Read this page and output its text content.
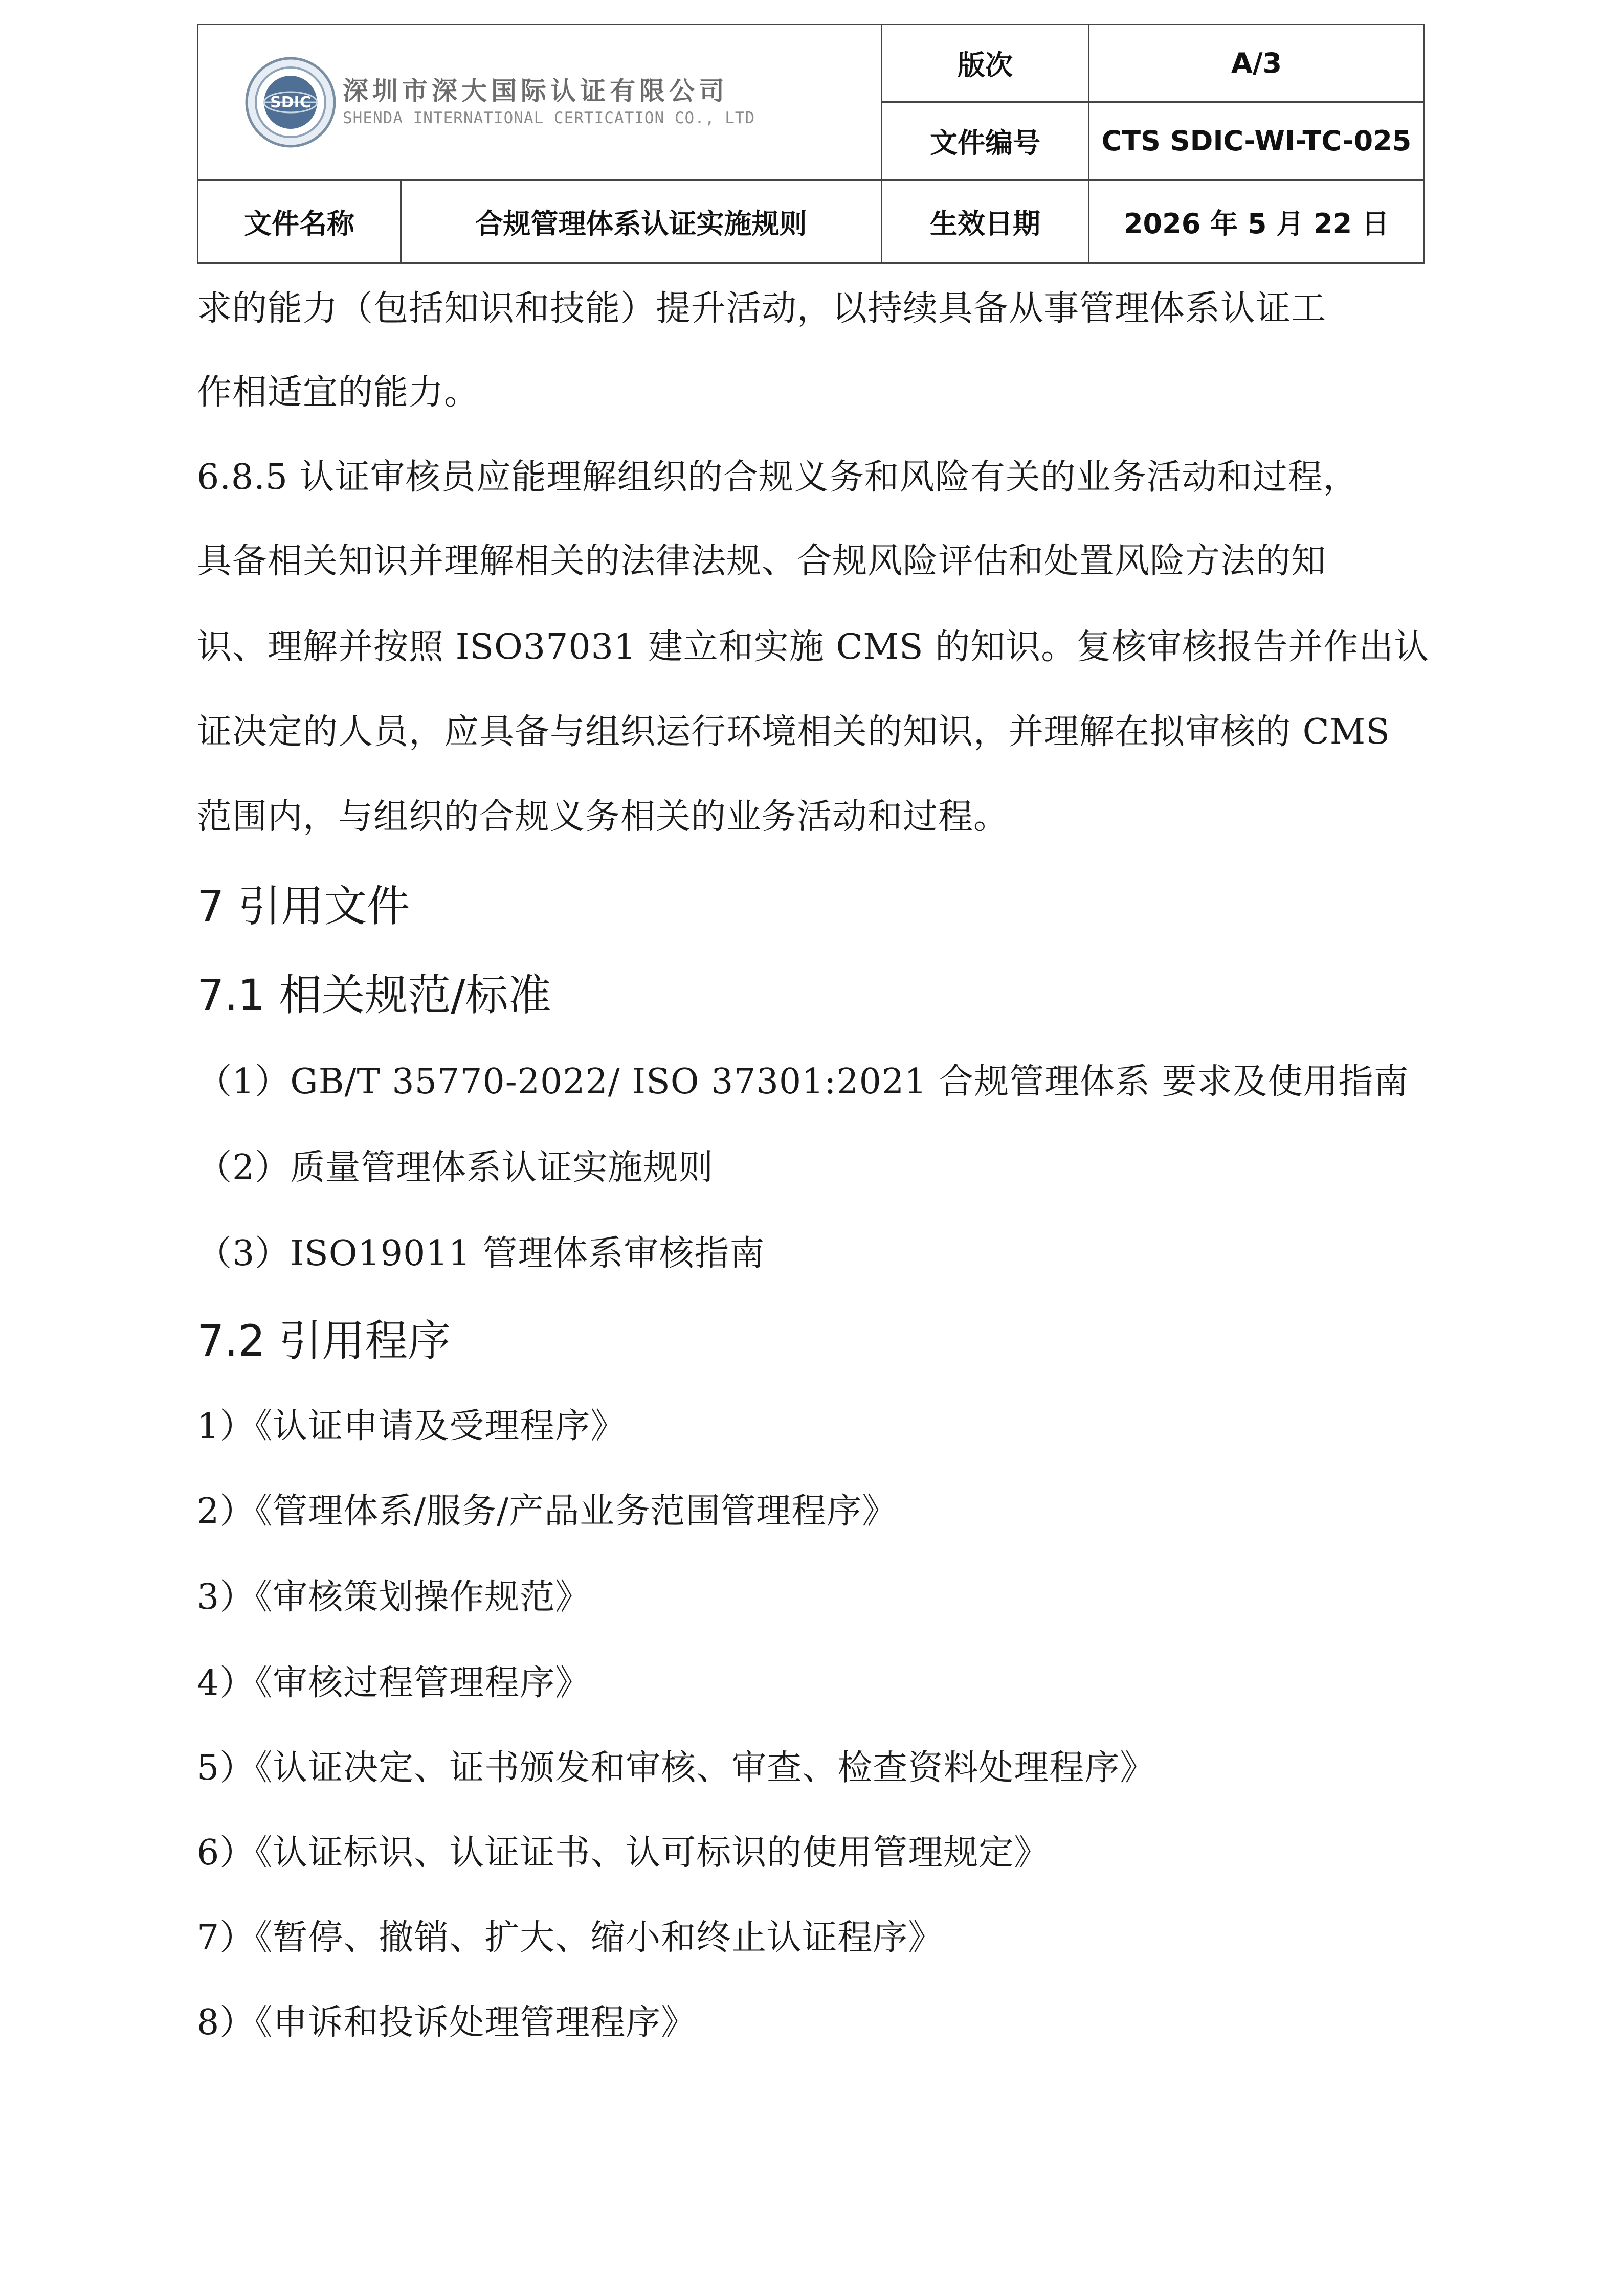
SDIC 深圳市深大国际认证有限公司
SHENDA INTERNATIONAL CERTICATION CO., LTD		版次	A/3
		文件编号	CTS SDIC-WI-TC-025
文件名称	合规管理体系认证实施规则	生效日期	2026 年 5 月 22 日
求的能力（包括知识和技能）提升活动，以持续具备从事管理体系认证工
作相适宜的能力。
6.8.5 认证审核员应能理解组织的合规义务和风险有关的业务活动和过程，
具备相关知识并理解相关的法律法规、合规风险评估和处置风险方法的知
识、理解并按照 ISO37031 建立和实施 CMS 的知识。复核审核报告并作出认
证决定的人员，应具备与组织运行环境相关的知识，并理解在拟审核的 CMS
范围内，与组织的合规义务相关的业务活动和过程。
7 引用文件
7.1 相关规范/标准
（1）GB/T 35770-2022/ ISO 37301:2021 合规管理体系 要求及使用指南
（2）质量管理体系认证实施规则
（3）ISO19011 管理体系审核指南
7.2 引用程序
1）《认证申请及受理程序》
2）《管理体系/服务/产品业务范围管理程序》
3）《审核策划操作规范》
4）《审核过程管理程序》
5）《认证决定、证书颁发和审核、审查、检查资料处理程序》
6）《认证标识、认证证书、认可标识的使用管理规定》
7）《暂停、撤销、扩大、缩小和终止认证程序》
8）《申诉和投诉处理管理程序》
